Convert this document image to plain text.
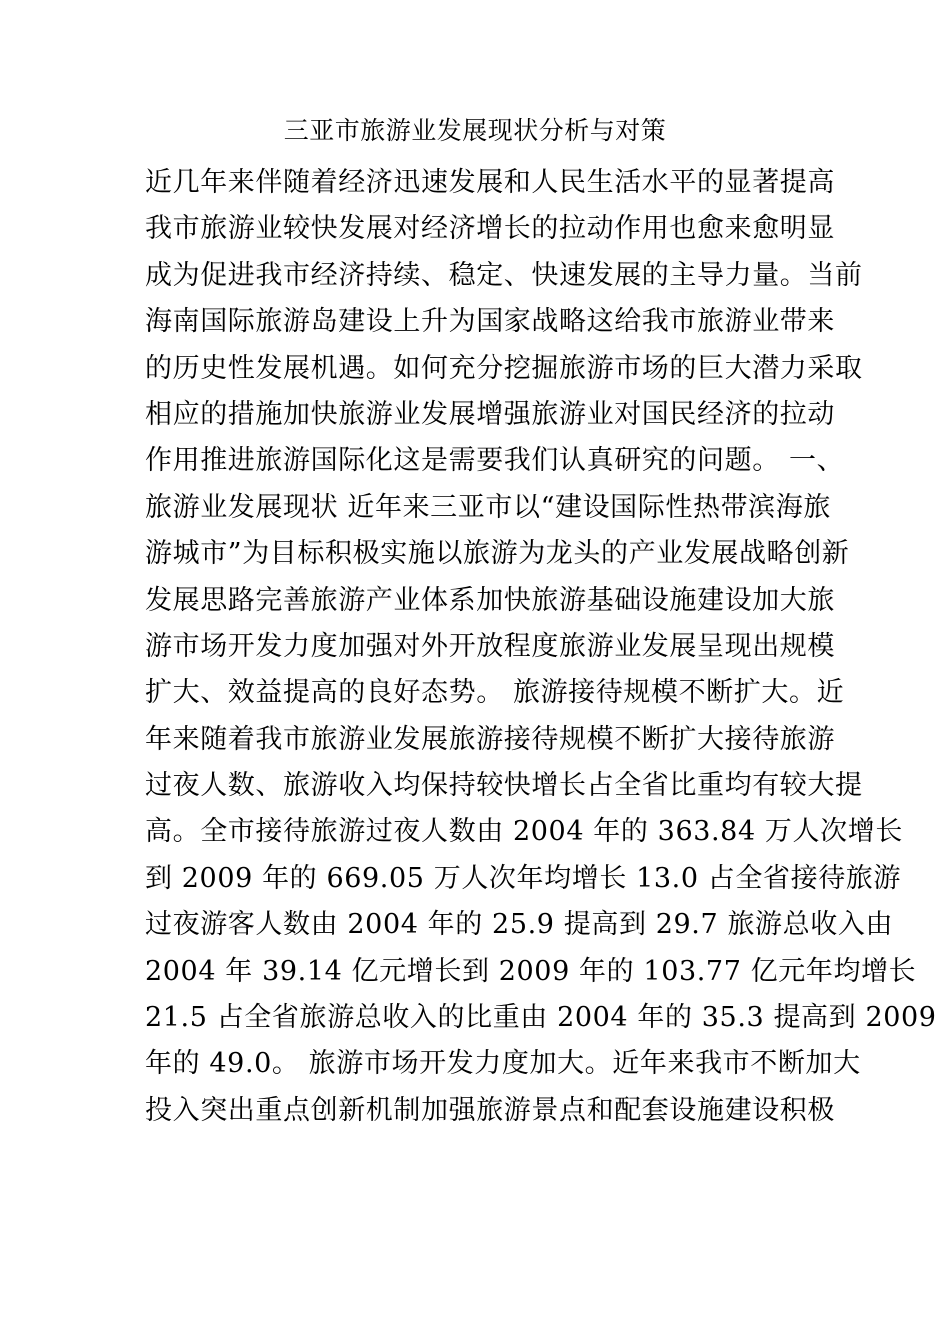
三亚市旅游业发展现状分析与对策
近几年来伴随着经济迅速发展和人民生活水平的显著提高
我市旅游业较快发展对经济增长的拉动作用也愈来愈明显
成为促进我市经济持续、稳定、快速发展的主导力量。当前
海南国际旅游岛建设上升为国家战略这给我市旅游业带来
的历史性发展机遇。如何充分挖掘旅游市场的巨大潜力采取
相应的措施加快旅游业发展增强旅游业对国民经济的拉动
作用推进旅游国际化这是需要我们认真研究的问题。 一、
旅游业发展现状 近年来三亚市以“建设国际性热带滨海旅
游城市”为目标积极实施以旅游为龙头的产业发展战略创新
发展思路完善旅游产业体系加快旅游基础设施建设加大旅
游市场开发力度加强对外开放程度旅游业发展呈现出规模
扩大、效益提高的良好态势。 旅游接待规模不断扩大。近
年来随着我市旅游业发展旅游接待规模不断扩大接待旅游
过夜人数、旅游收入均保持较快增长占全省比重均有较大提
高。全市接待旅游过夜人数由 2004 年的 363.84 万人次增长
到 2009 年的 669.05 万人次年均增长 13.0 占全省接待旅游
过夜游客人数由 2004 年的 25.9 提高到 29.7 旅游总收入由
2004 年 39.14 亿元增长到 2009 年的 103.77 亿元年均增长
21.5 占全省旅游总收入的比重由 2004 年的 35.3 提高到 2009
年的 49.0。 旅游市场开发力度加大。近年来我市不断加大
投入突出重点创新机制加强旅游景点和配套设施建设积极
